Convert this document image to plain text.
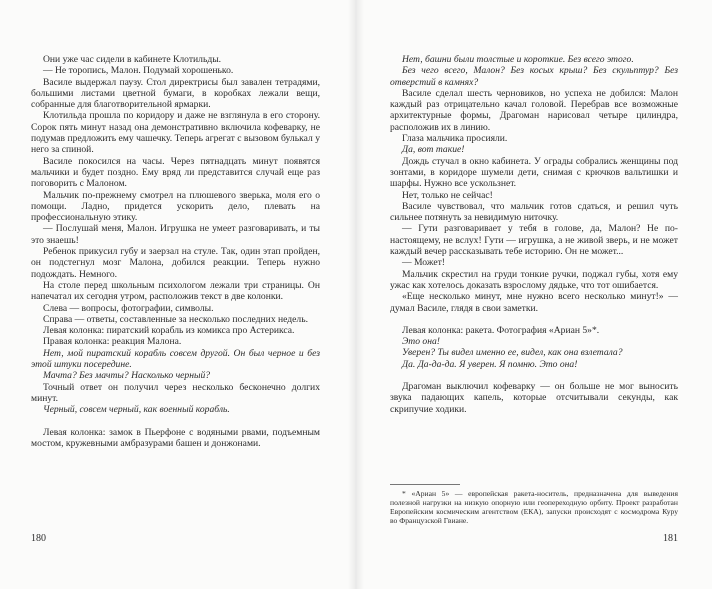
Они уже час сидели в кабинете Клотильды.

— Не торопись, Малон. Подумай хорошенько.

Василе выдержал паузу. Стол директрисы был завален тетрадями, большими листами цветной бумаги, в коробках лежали вещи, собранные для благотворительной ярмарки.

Клотильда прошла по коридору и даже не взглянула в его сторону. Сорок пять минут назад она демонстративно включила кофеварку, не подумав предложить ему чашечку. Теперь агрегат с вызовом булькал у него за спиной.

Василе покосился на часы. Через пятнадцать минут появятся мальчики и будет поздно. Ему вряд ли представится случай еще раз поговорить с Малоном.

Мальчик по-прежнему смотрел на плюшевого зверька, моля его о помощи. Ладно, придется ускорить дело, плевать на профессиональную этику.

— Послушай меня, Малон. Игрушка не умеет разговаривать, и ты это знаешь!

Ребенок прикусил губу и заерзал на стуле. Так, один этап пройден, он подстегнул мозг Малона, добился реакции. Теперь нужно подождать. Немного.

На столе перед школьным психологом лежали три страницы. Он напечатал их сегодня утром, расположив текст в две колонки.

Слева — вопросы, фотографии, символы.

Справа — ответы, составленные за несколько последних недель.

Левая колонка: пиратский корабль из комикса про Астерикса.

Правая колонка: реакция Малона.

Нет, мой пиратский корабль совсем другой. Он был черное и без этой штуки посередине.

Мачта? Без мачты? Насколько черный?

Точный ответ он получил через несколько бесконечно долгих минут.

Черный, совсем черный, как военный корабль.

Левая колонка: замок в Пьерфоне с водяными рвами, подъемным мостом, кружевными амбразурами башен и донжонами.

180

Нет, башни были толстые и короткие. Без всего этого.

Без чего всего, Малон? Без косых крыш? Без скульптур? Без отверстий в камнях?

Василе сделал шесть черновиков, но успеха не добился: Малон каждый раз отрицательно качал головой. Перебрав все возможные архитектурные формы, Драгоман нарисовал четыре цилиндра, расположив их в линию.

Глаза мальчика просияли.

Да, вот такие!

Дождь стучал в окно кабинета. У ограды собрались женщины под зонтами, в коридоре шумели дети, снимая с крючков вальтишки и шарфы. Нужно все ускользнет.

Нет, только не сейчас!

Василе чувствовал, что мальчик готов сдаться, и решил чуть сильнее потянуть за невидимую ниточку.

— Гути разговаривает у тебя в голове, да, Малон? Не по-настоящему, не вслух! Гути — игрушка, а не живой зверь, и не может каждый вечер рассказывать тебе историю. Он не может...

— Может!

Мальчик скрестил на груди тонкие ручки, поджал губы, хотя ему ужас как хотелось доказать взрослому дядьке, что тот ошибается.

«Еще несколько минут, мне нужно всего несколько минут!» — думал Василе, глядя в свои заметки.

Левая колонка: ракета. Фотография «Ариан 5»*.

Это она!

Уверен? Ты видел именно ее, видел, как она взлетала?

Да. Да-да-да. Я уверен. Я помню. Это она!

Драгоман выключил кофеварку — он больше не мог выносить звука падающих капель, которые отсчитывали секунды, как скрипучие ходики.

* «Ариан 5» — европейская ракета-носитель, предназначена для выведения полезной нагрузки на низкую опорную или геопереходную орбиту. Проект разработан Европейским космическим агентством (ЕКА), запуски происходят с космодрома Куру во Французской Гвиане.
181
